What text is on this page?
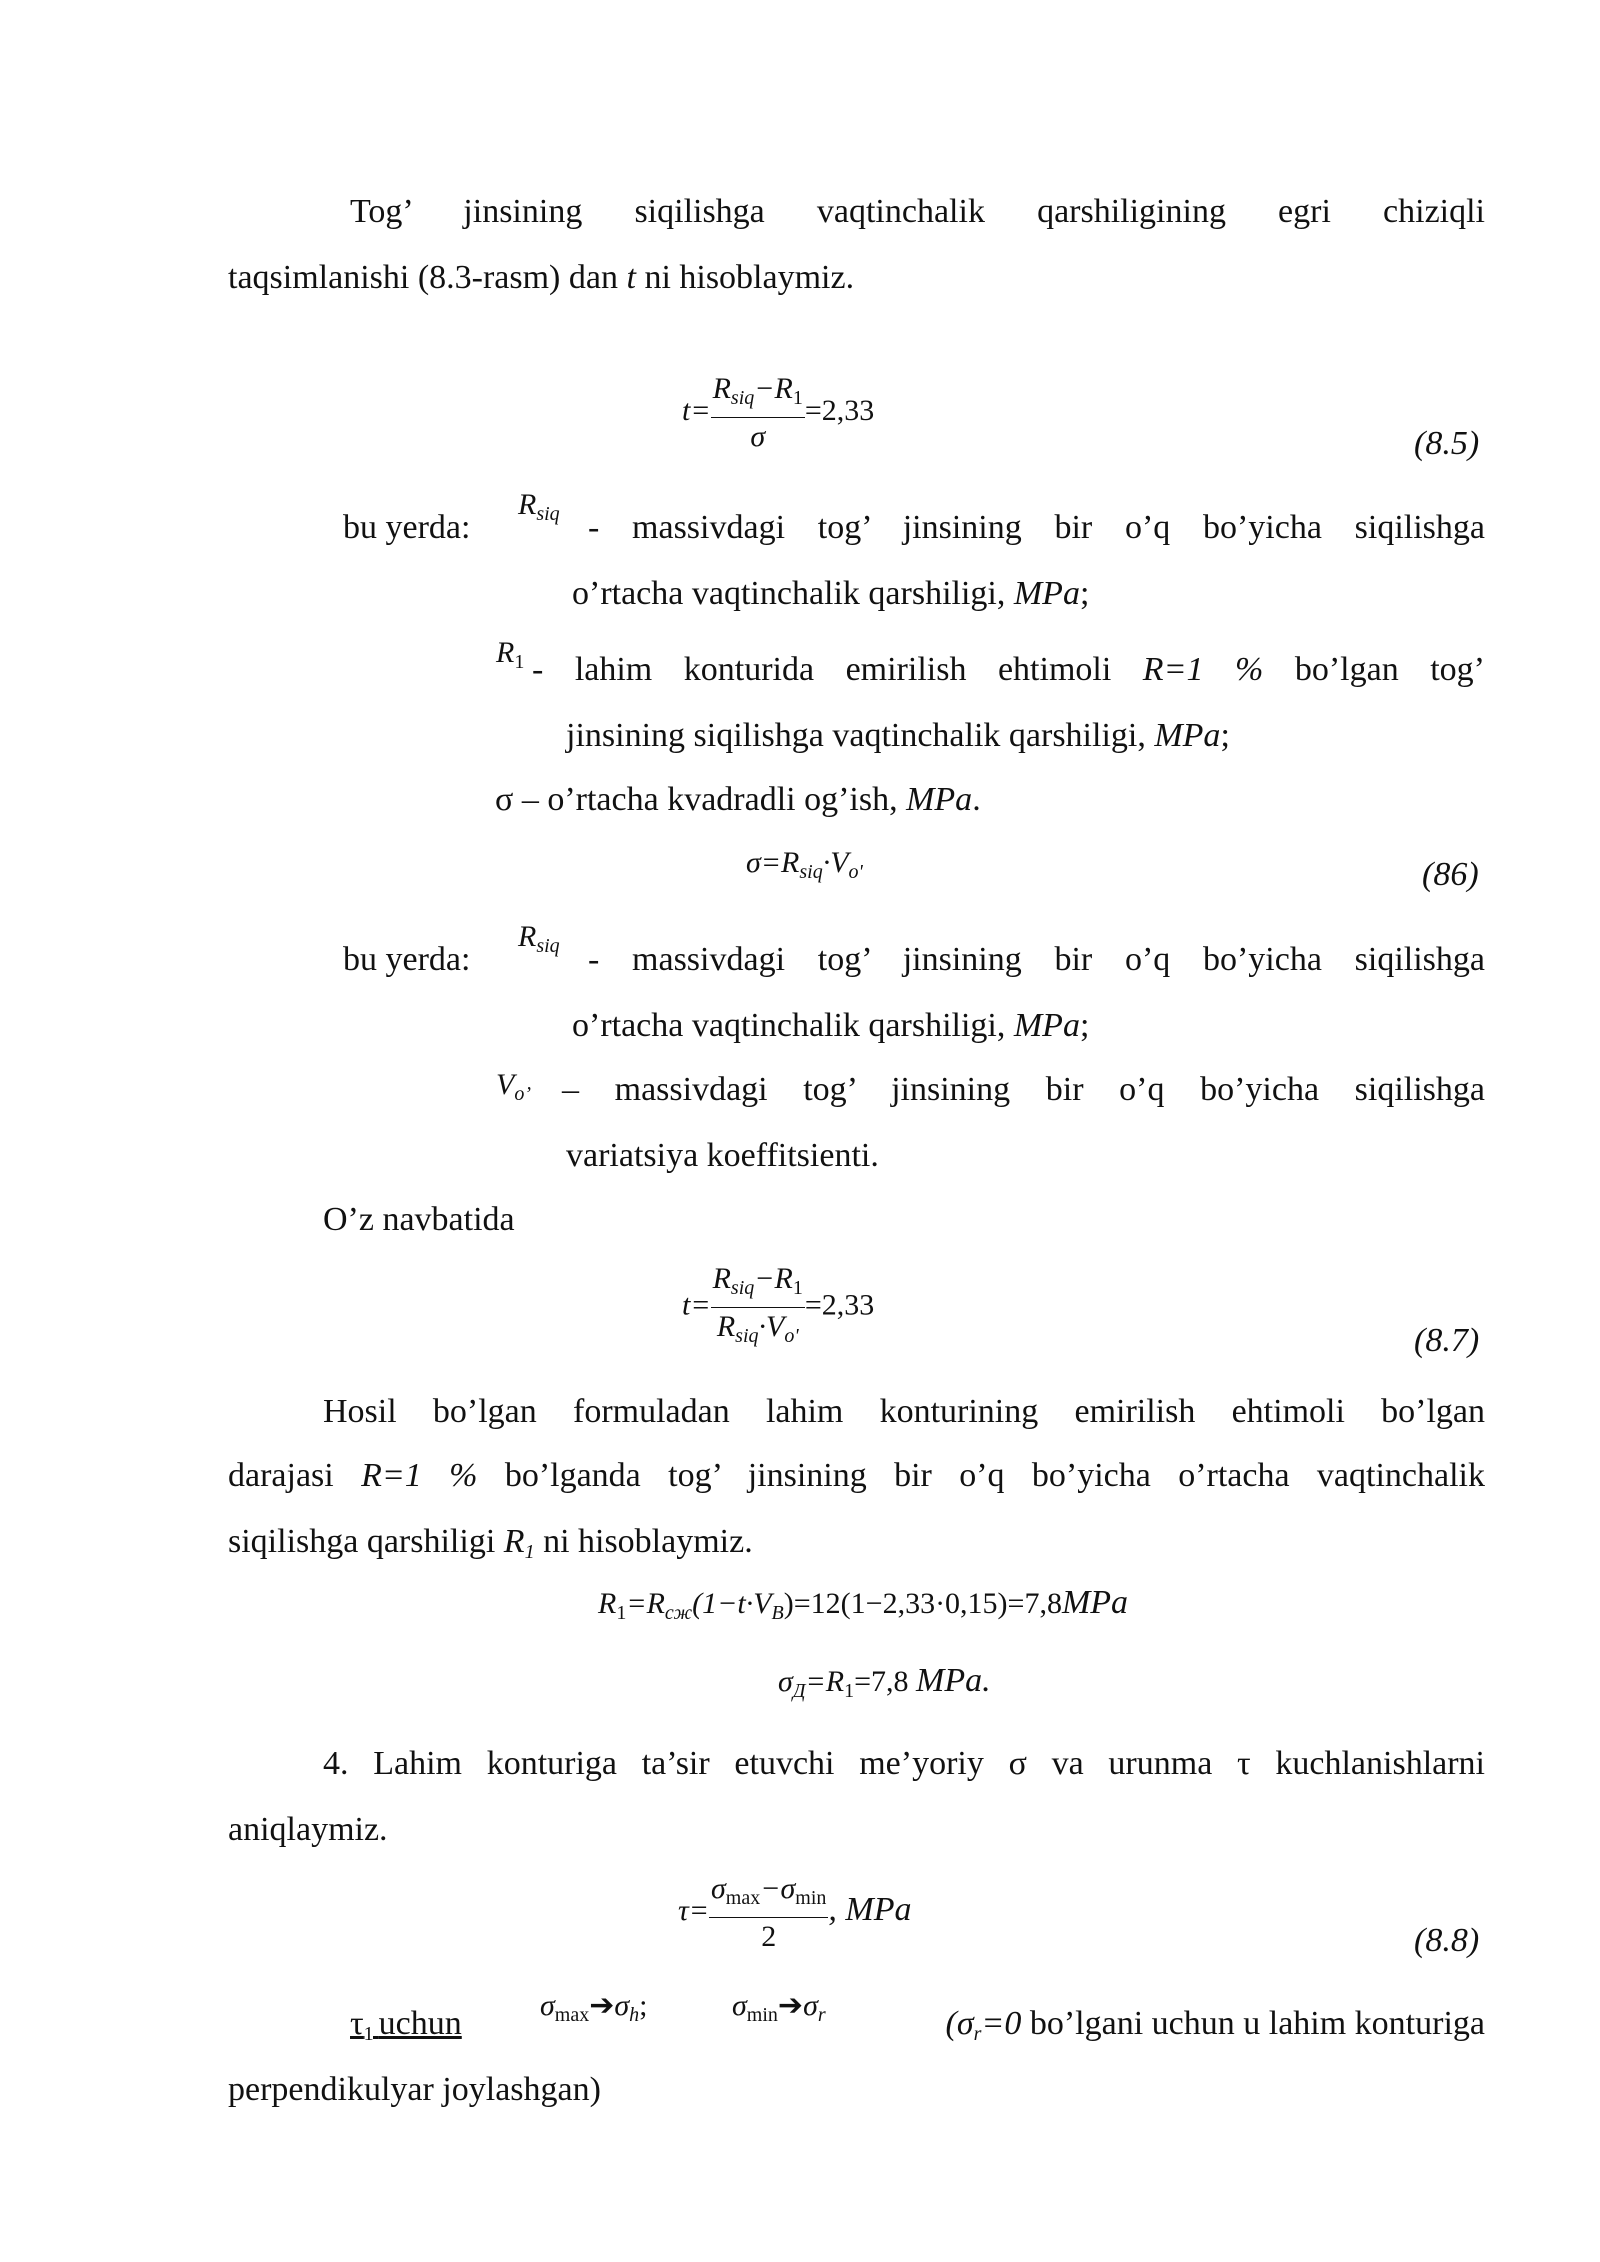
Tog’ jinsining siqilishga vaqtinchalik qarshiligining egri chiziqli
taqsimlanishi (8.3-rasm) dan t ni hisoblaymiz.
$t= \frac{R_{siq}-R_1}{\sigma} =2,33$
(8.5)
bu yerda:
$R_{siq}$ - massivdagi tog’ jinsining bir o’q bo’yicha siqilishga
o’rtacha vaqtinchalik qarshiligi, MPa;
$R_1$ - lahim konturida emirilish ehtimoli R=1 % bo’lgan tog’
jinsining siqilishga vaqtinchalik qarshiligi, MPa;
σ – o’rtacha kvadradli og’ish, MPa.
$\sigma=R_{siq}\cdot V_{o'}$	(86)
bu yerda:
$R_{siq}$ - massivdagi tog’ jinsining bir o’q bo’yicha siqilishga
o’rtacha vaqtinchalik qarshiligi, MPa;
$V_{o’}$ – massivdagi tog’ jinsining bir o’q bo’yicha siqilishga
variatsiya koeffitsienti.
O’z navbatida
$t= \frac{R_{siq}-R_1}{R_{siq}\cdot V_{o'}} =2,33$
(8.7)
Hosil bo’lgan formuladan lahim konturining emirilish ehtimoli bo’lgan
darajasi R=1 % bo’lganda tog’ jinsining bir o’q bo’yicha o’rtacha vaqtinchalik
siqilishga qarshiligi $R_1$ ni hisoblaymiz.
$R_1=R_{сж}(1-t\cdot V_B)=12(1-2,33\cdot 0,15)=7,8MPa$
$\sigma_Д=R_1=7,8$ MPa.
4. Lahim konturiga ta’sir etuvchi me’yoriy σ va urunma τ kuchlanishlarni
aniqlaymiz.
$\tau= \frac{\sigma_{max}-\sigma_{min}}{2}$ , MPa
(8.8)
τ1 uchun	$\sigma_{max}➔\sigma_h$;	$\sigma_{min}➔\sigma_r$	($\sigma_r=0$ bo’lgani uchun u lahim konturiga
perpendikulyar joylashgan)
